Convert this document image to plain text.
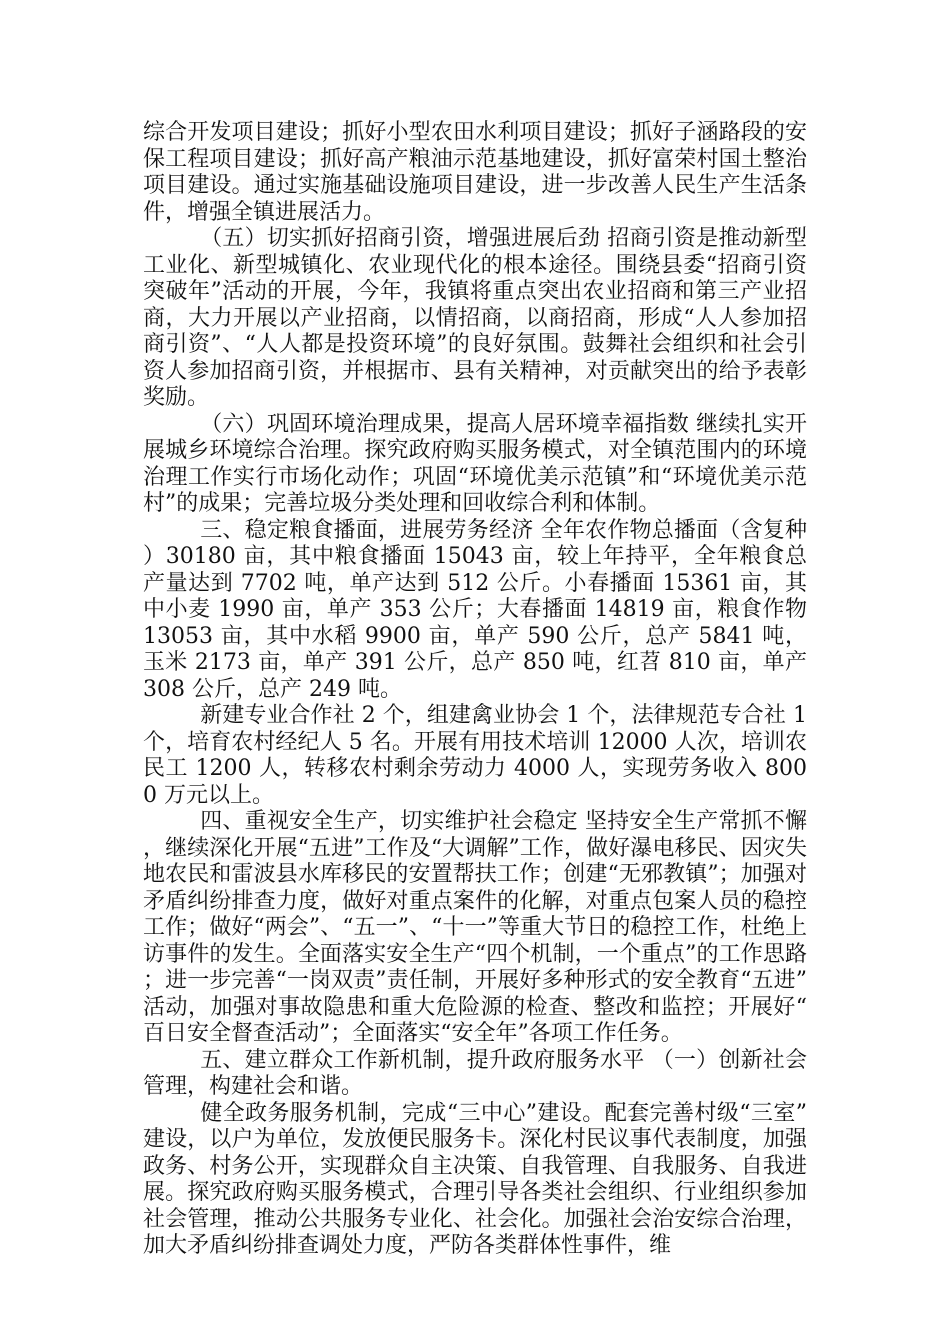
综合开发项目建设；抓好小型农田水利项目建设；抓好子涵路段的安保工程项目建设；抓好高产粮油示范基地建设，抓好富荣村国土整治项目建设。通过实施基础设施项目建设，进一步改善人民生产生活条件，增强全镇进展活力。

（五）切实抓好招商引资，增强进展后劲 招商引资是推动新型工业化、新型城镇化、农业现代化的根本途径。围绕县委“招商引资突破年”活动的开展，今年，我镇将重点突出农业招商和第三产业招商，大力开展以产业招商，以情招商，以商招商，形成“人人参加招商引资”、“人人都是投资环境”的良好氛围。鼓舞社会组织和社会引资人参加招商引资，并根据市、县有关精神，对贡献突出的给予表彰奖励。

（六）巩固环境治理成果，提高人居环境幸福指数 继续扎实开展城乡环境综合治理。探究政府购买服务模式，对全镇范围内的环境治理工作实行市场化动作；巩固“环境优美示范镇”和“环境优美示范村”的成果；完善垃圾分类处理和回收综合利和体制。

三、稳定粮食播面，进展劳务经济 全年农作物总播面（含复种）30180 亩，其中粮食播面 15043 亩，较上年持平，全年粮食总产量达到 7702 吨，单产达到 512 公斤。小春播面 15361 亩，其中小麦 1990 亩，单产 353 公斤；大春播面 14819 亩，粮食作物 13053 亩，其中水稻 9900 亩，单产 590 公斤，总产 5841 吨，玉米 2173 亩，单产 391 公斤，总产 850 吨，红苕 810 亩，单产 308 公斤，总产 249 吨。

新建专业合作社 2 个，组建禽业协会 1 个，法律规范专合社 1 个，培育农村经纪人 5 名。开展有用技术培训 12000 人次，培训农民工 1200 人，转移农村剩余劳动力 4000 人，实现劳务收入 8000 万元以上。

四、重视安全生产，切实维护社会稳定 坚持安全生产常抓不懈，继续深化开展“五进”工作及“大调解”工作，做好瀑电移民、因灾失地农民和雷波县水库移民的安置帮扶工作；创建“无邪教镇”；加强对矛盾纠纷排查力度，做好对重点案件的化解，对重点包案人员的稳控工作；做好“两会”、“五一”、“十一”等重大节日的稳控工作，杜绝上访事件的发生。全面落实安全生产“四个机制，一个重点”的工作思路；进一步完善“一岗双责”责任制，开展好多种形式的安全教育“五进”活动，加强对事故隐患和重大危险源的检查、整改和监控；开展好“百日安全督查活动”；全面落实“安全年”各项工作任务。

五、建立群众工作新机制，提升政府服务水平 （一）创新社会管理，构建社会和谐。

健全政务服务机制，完成“三中心”建设。配套完善村级“三室”建设，以户为单位，发放便民服务卡。深化村民议事代表制度，加强政务、村务公开，实现群众自主决策、自我管理、自我服务、自我进展。探究政府购买服务模式，合理引导各类社会组织、行业组织参加社会管理，推动公共服务专业化、社会化。加强社会治安综合治理，加大矛盾纠纷排查调处力度，严防各类群体性事件，维
